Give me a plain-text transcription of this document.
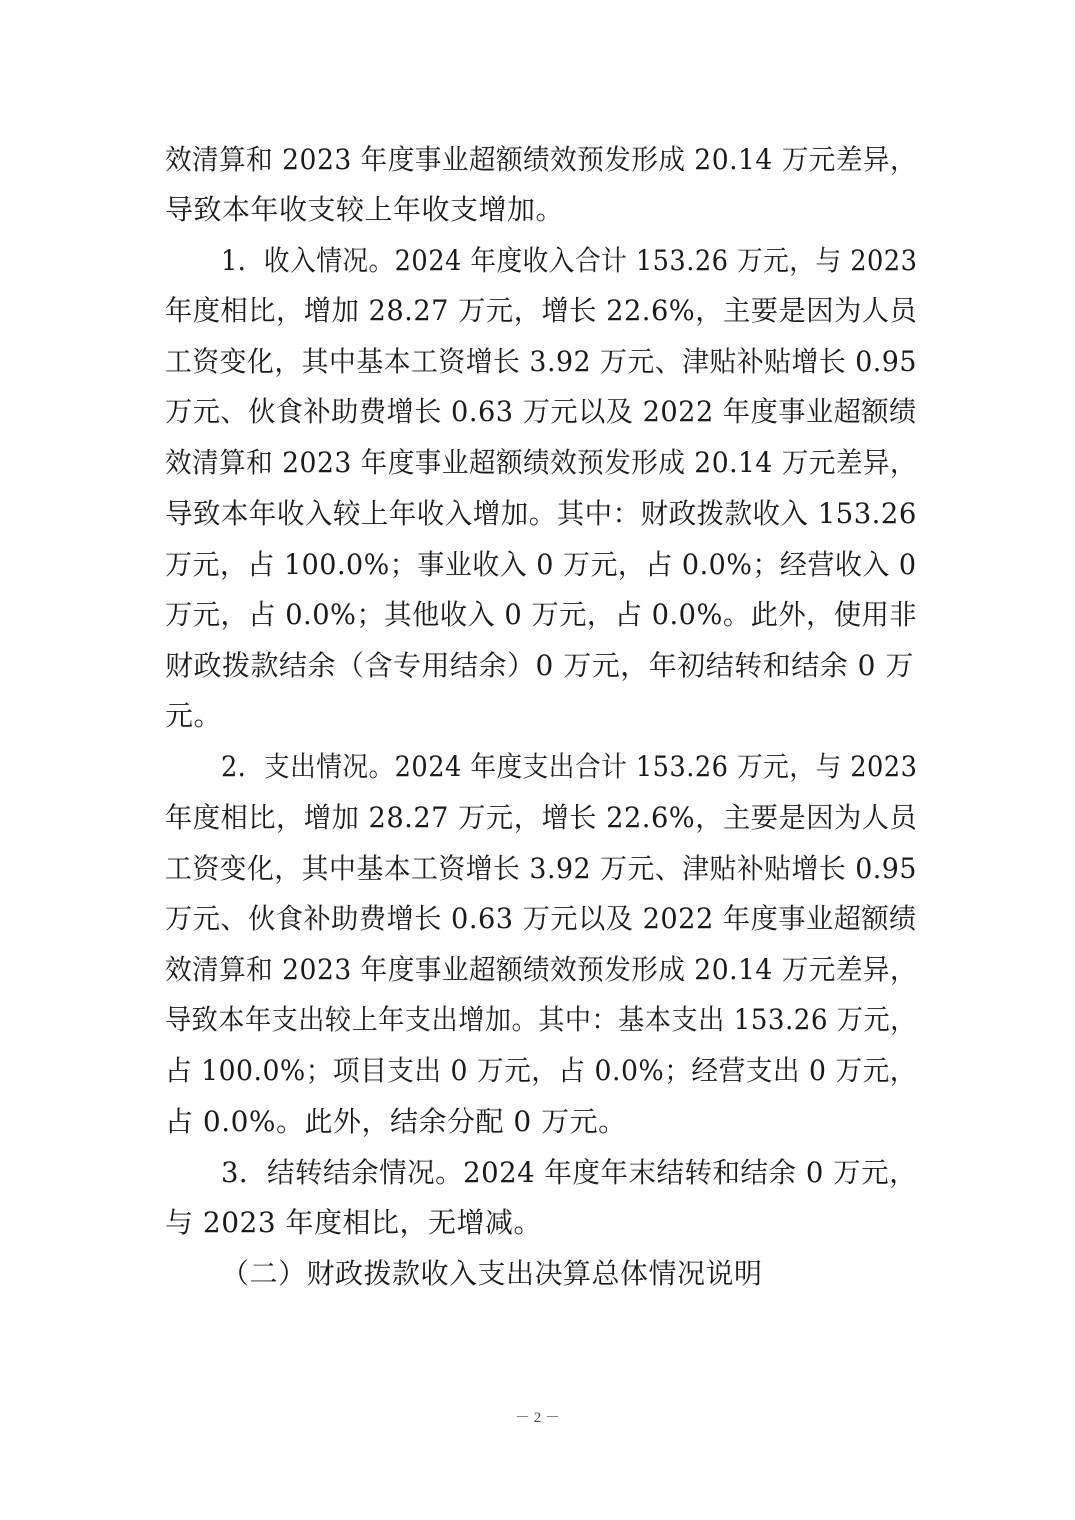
效清算和 2023 年度事业超额绩效预发形成 20.14 万元差异，
导致本年收支较上年收支增加。
1．收入情况。2024 年度收入合计 153.26 万元，与 2023
年度相比，增加 28.27 万元，增长 22.6%，主要是因为人员
工资变化，其中基本工资增长 3.92 万元、津贴补贴增长 0.95
万元、伙食补助费增长 0.63 万元以及 2022 年度事业超额绩
效清算和 2023 年度事业超额绩效预发形成 20.14 万元差异，
导致本年收入较上年收入增加。其中：财政拨款收入 153.26
万元，占 100.0%；事业收入 0 万元，占 0.0%；经营收入 0
万元，占 0.0%；其他收入 0 万元，占 0.0%。此外，使用非
财政拨款结余（含专用结余）0 万元，年初结转和结余 0 万
元。
2．支出情况。2024 年度支出合计 153.26 万元，与 2023
年度相比，增加 28.27 万元，增长 22.6%，主要是因为人员
工资变化，其中基本工资增长 3.92 万元、津贴补贴增长 0.95
万元、伙食补助费增长 0.63 万元以及 2022 年度事业超额绩
效清算和 2023 年度事业超额绩效预发形成 20.14 万元差异，
导致本年支出较上年支出增加。其中：基本支出 153.26 万元，
占 100.0%；项目支出 0 万元，占 0.0%；经营支出 0 万元，
占 0.0%。此外，结余分配 0 万元。
3．结转结余情况。2024 年度年末结转和结余 0 万元，
与 2023 年度相比，无增减。
（二）财政拨款收入支出决算总体情况说明
－ 2 －
